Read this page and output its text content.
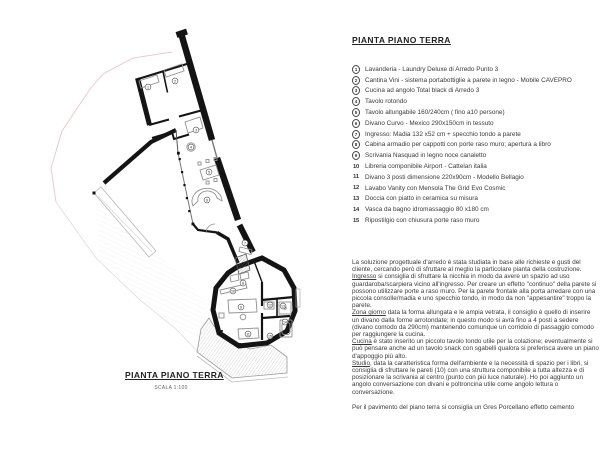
1
2
3
4
5
6
7
8
9
10
11
12	13
14
15
PIANTA PIANO TERRA
SCALA 1:100
PIANTA PIANO TERRA
1	Lavanderia - Laundry Deluxe di Arredo Punto 3
2	Cantina Vini - sistema portabottiglie a parete in legno - Mobile CAVEPRO
3	Cucina ad angolo Total black di Arredo 3
4	Tavolo rotondo
5	Tavolo allungabile 160/240cm ( fino a10 persone)
6	Divano Curvo - Mexico 290x150cm in tessuto
7	Ingresso: Madia 132 x52 cm + specchio tondo a parete
8	Cabina armadio per cappotti con porte raso muro; apertura a libro
9	Scrivania Nasquad in legno noce canaletto
10 Libreria componibile Airport - Cattelan italia
11 Divano 3 posti dimensione 220x90cm - Modello Bellagio
12 Lavabo Vanity con Mensola The Grid Evo Cosmic
13 Doccia con piatto in ceramica su misura
14 Vasca da bagno idromassaggio 80 x180 cm
15 Ripostilgio con chiusura porte raso muro

La soluzione progettuale d'arredo è stata studiata in base alle richieste e gusti del cliente, cercando però di sfruttare al meglio la particolare pianta della costruzione.

Ingresso si consiglia di sfruttare la nicchia in modo da avere un spazio ad uso guardaroba/scarpiera vicino all'ingresso. Per creare un effetto "continuo" della parete si possono utilizzare porte a raso muro. Per la parete frontale alla porta arredare con una piccola consolle/madia e uno specchio tondo, in modo da non "appesantire" troppo la parete.

Zona giorno data la forma allungata e le ampia vetrata, il consiglio è quello di inserire un divano dalla forme arrotondate; in questo modo si avrà fino a 4 posti a sedere (divano comodo da 290cm) mantenendo comunque un corridoio di passaggio comodo per raggiungere la cucina.

Cucina è stato inserito un piccolo tavolo tondo utile per la colazione; eventualmente si può pensare anche ad un tavolo snack con sgabelli qualora si preferisca avere un piano d'appoggio più alto.

Studio, data la caratteristica forma dell'ambiente e la necessità di spazio per i libri, si consiglia di sfruttare le pareti (10) con una struttura componibile a tutta altezza e di posizionare la scrivania al centro (punto con più luce naturale). Ho poi aggiunto un angolo conversazione con divani e poltroncina utile come angolo lettura o conversazione.

Per il pavimento del piano terra si consiglia un Gres Porcellano effetto cemento
